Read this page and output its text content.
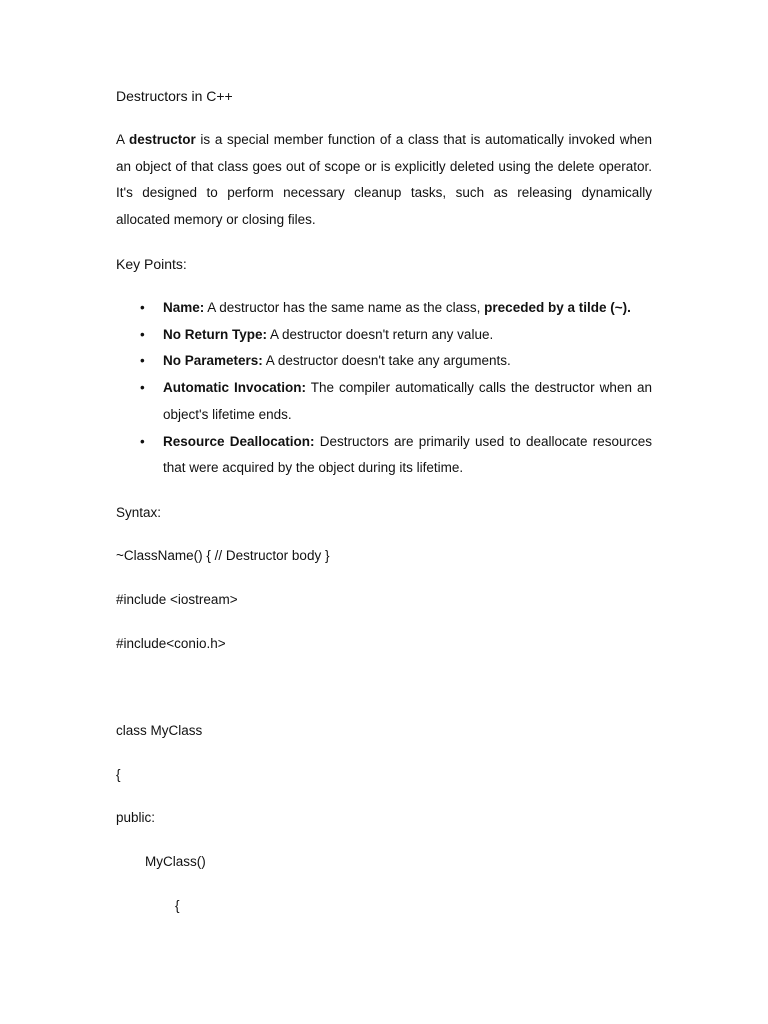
Destructors in C++

A destructor is a special member function of a class that is automatically invoked when an object of that class goes out of scope or is explicitly deleted using the delete operator. It's designed to perform necessary cleanup tasks, such as releasing dynamically allocated memory or closing files.

Key Points:

• Name: A destructor has the same name as the class, preceded by a tilde (~).
• No Return Type: A destructor doesn't return any value.
• No Parameters: A destructor doesn't take any arguments.
• Automatic Invocation: The compiler automatically calls the destructor when an object's lifetime ends.
• Resource Deallocation: Destructors are primarily used to deallocate resources that were acquired by the object during its lifetime.

Syntax:

~ClassName() { // Destructor body }

#include <iostream>

#include<conio.h>

class MyClass

{

public:

MyClass()

{
